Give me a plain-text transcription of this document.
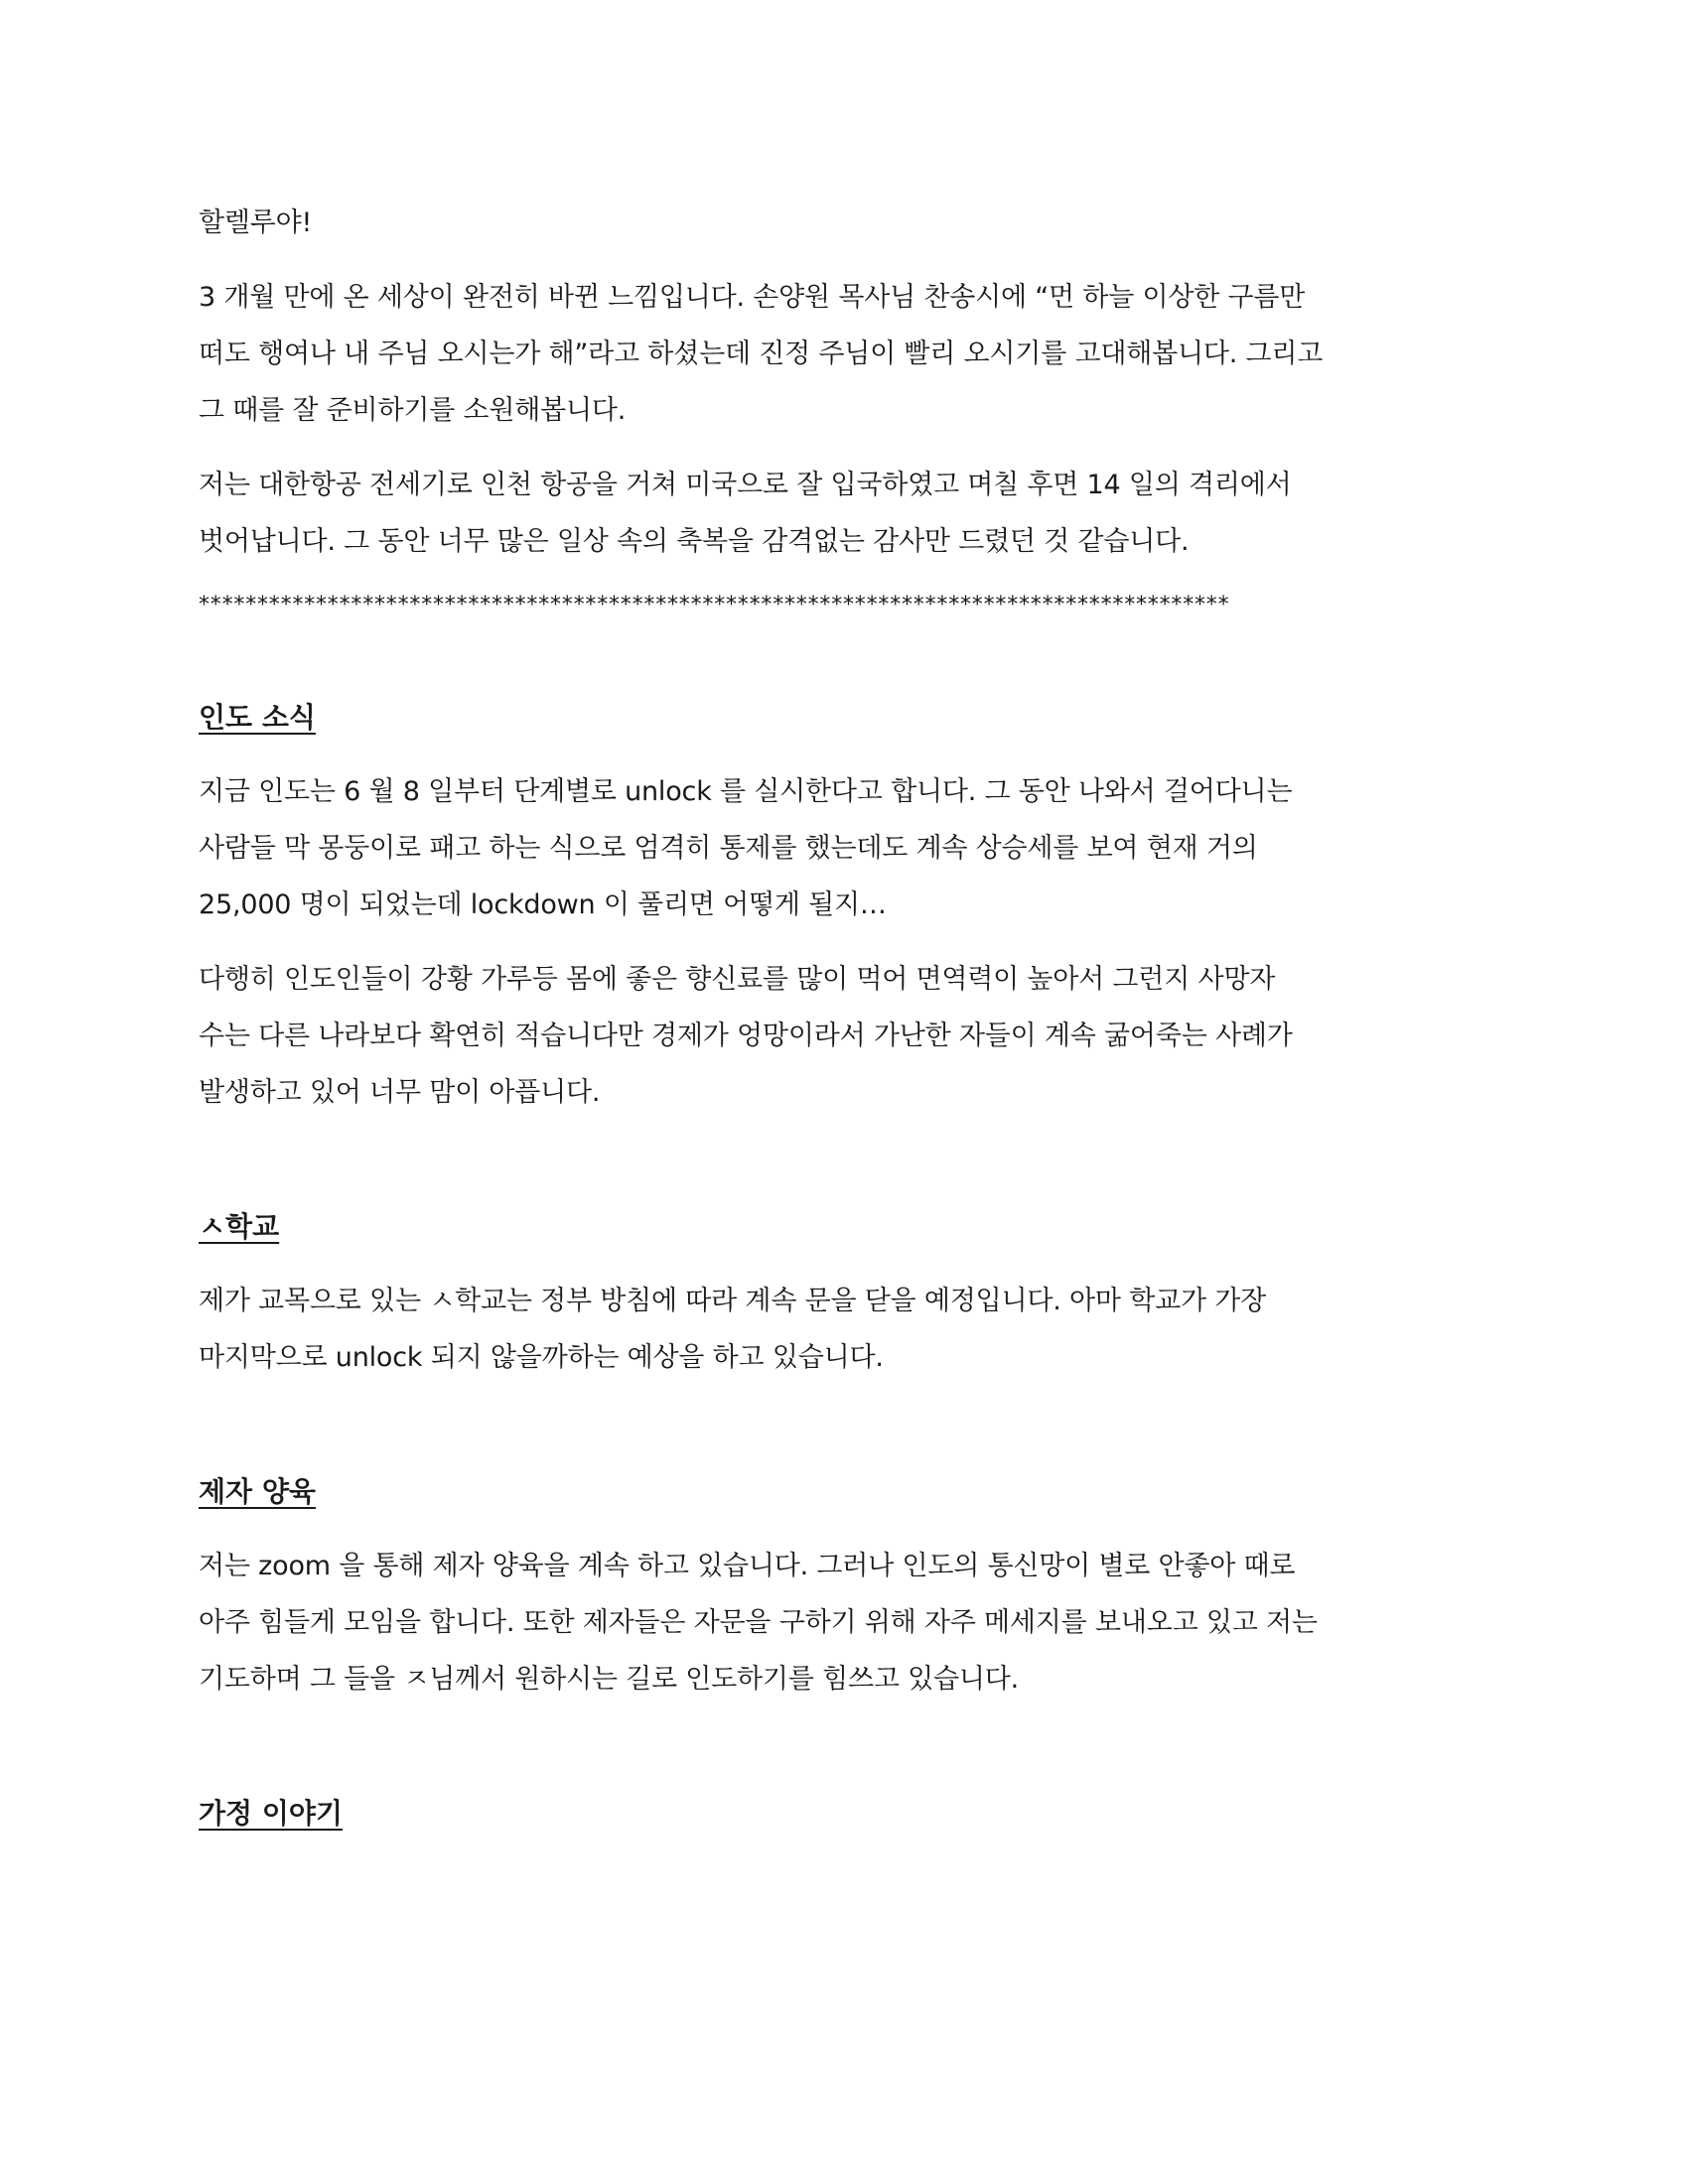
할렐루야!

3 개월 만에 온 세상이 완전히 바뀐 느낌입니다. 손양원 목사님 찬송시에 “먼 하늘 이상한 구름만
떠도 행여나 내 주님 오시는가 해”라고 하셨는데 진정 주님이 빨리 오시기를 고대해봅니다. 그리고
그 때를 잘 준비하기를 소원해봅니다.

저는 대한항공 전세기로 인천 항공을 거쳐 미국으로 잘 입국하였고 며칠 후면 14 일의 격리에서
벗어납니다. 그 동안 너무 많은 일상 속의 축복을 감격없는 감사만 드렸던 것 같습니다.

****************************************************************************************
인도 소식

지금 인도는 6 월 8 일부터 단계별로 unlock 를 실시한다고 합니다. 그 동안 나와서 걸어다니는
사람들 막 몽둥이로 패고 하는 식으로 엄격히 통제를 했는데도 계속 상승세를 보여 현재 거의
25,000 명이 되었는데 lockdown 이 풀리면 어떻게 될지…

다행히 인도인들이 강황 가루등 몸에 좋은 향신료를 많이 먹어 면역력이 높아서 그런지 사망자
수는 다른 나라보다 확연히 적습니다만 경제가 엉망이라서 가난한 자들이 계속 굶어죽는 사례가
발생하고 있어 너무 맘이 아픕니다.

ㅅ학교

제가 교목으로 있는 ㅅ학교는 정부 방침에 따라 계속 문을 닫을 예정입니다. 아마 학교가 가장
마지막으로 unlock 되지 않을까하는 예상을 하고 있습니다.

제자 양육

저는 zoom 을 통해 제자 양육을 계속 하고 있습니다. 그러나 인도의 통신망이 별로 안좋아 때로
아주 힘들게 모임을 합니다. 또한 제자들은 자문을 구하기 위해 자주 메세지를 보내오고 있고 저는
기도하며 그 들을 ㅈ님께서 원하시는 길로 인도하기를 힘쓰고 있습니다.

가정 이야기
